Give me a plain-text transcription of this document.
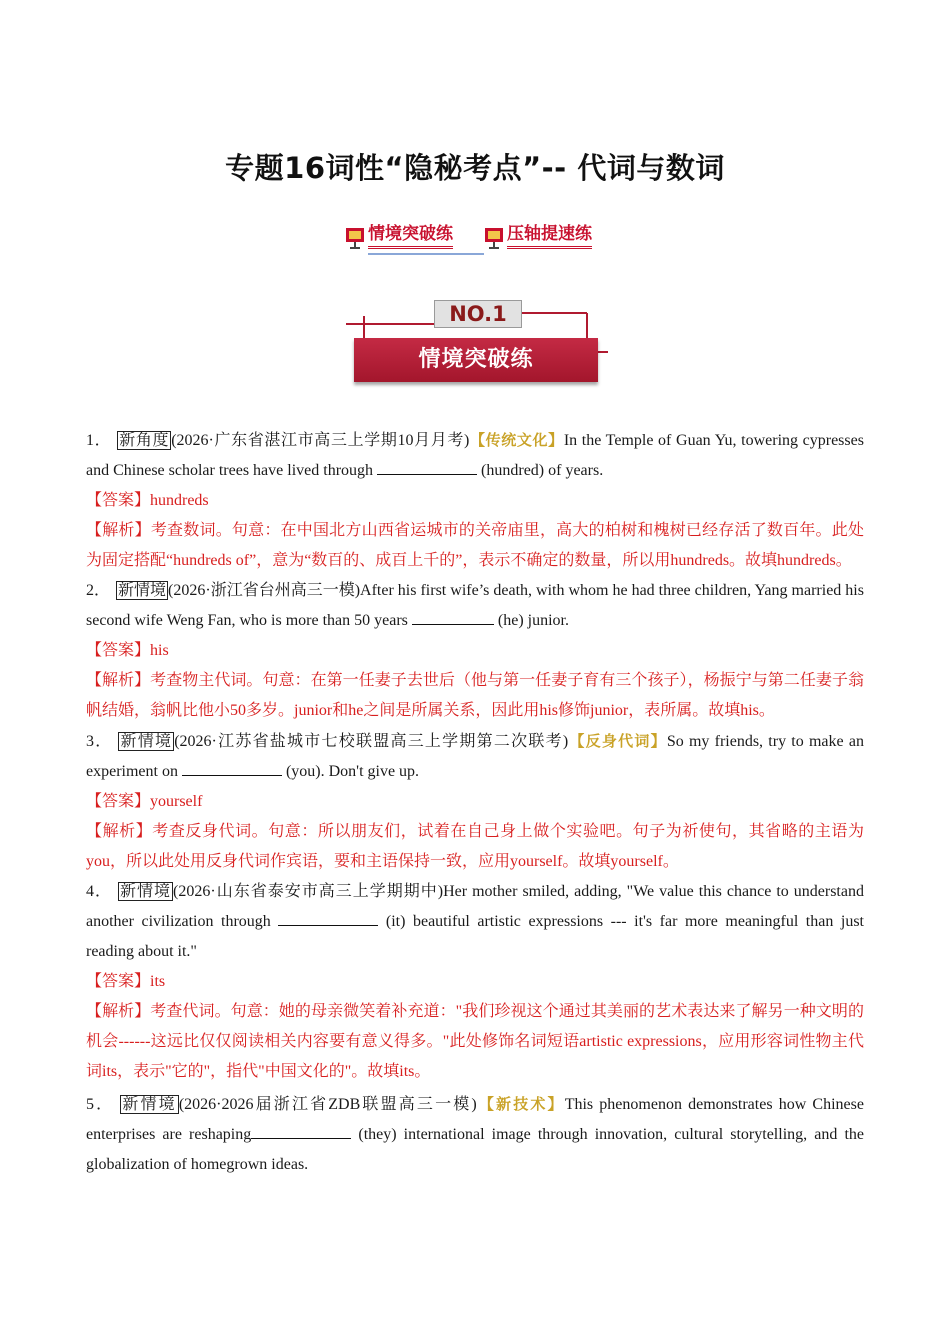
专题16词性“隐秘考点”-- 代词与数词
情境突破练	压轴提速练
NO.1
情境突破练

1． 新角度 (2026·广东省湛江市高三上学期10月月考)【传统文化】In the Temple of Guan Yu, towering cypresses and Chinese scholar trees have lived through	(hundred) of years.

【答案】hundreds

【解析】考查数词。句意：在中国北方山西省运城市的关帝庙里，高大的柏树和槐树已经存活了数百年。此处为固定搭配“hundreds of”，意为“数百的、成百上千的”，表示不确定的数量，所以用hundreds。故填hundreds。

2． 新情境 (2026·浙江省台州高三一模)After his first wife’s death, with whom he had three children, Yang married his second wife Weng Fan, who is more than 50 years	(he) junior.

【答案】his

【解析】考查物主代词。句意：在第一任妻子去世后（他与第一任妻子育有三个孩子），杨振宁与第二任妻子翁帆结婚，翁帆比他小50多岁。junior和he之间是所属关系，因此用his修饰junior，表所属。故填his。

3． 新情境 (2026·江苏省盐城市七校联盟高三上学期第二次联考)【反身代词】So my friends, try to make an experiment on	(you). Don't give up.

【答案】yourself

【解析】考查反身代词。句意：所以朋友们，试着在自己身上做个实验吧。句子为祈使句，其省略的主语为you，所以此处用反身代词作宾语，要和主语保持一致，应用yourself。故填yourself。

4． 新情境 (2026·山东省泰安市高三上学期期中)Her mother smiled, adding, "We value this chance to understand another civilization through	(it) beautiful artistic expressions --- it's far more meaningful than just reading about it."

【答案】its

【解析】考查代词。句意：她的母亲微笑着补充道："我们珍视这个通过其美丽的艺术表达来了解另一种文明的机会------这远比仅仅阅读相关内容要有意义得多。"此处修饰名词短语artistic expressions，应用形容词性物主代词its，表示"它的"，指代"中国文化的"。故填its。

5． 新情境 (2026·2026届浙江省ZDB联盟高三一模)【新技术】This phenomenon demonstrates how Chinese enterprises are reshaping	(they) international image through innovation, cultural storytelling, and the globalization of homegrown ideas.
